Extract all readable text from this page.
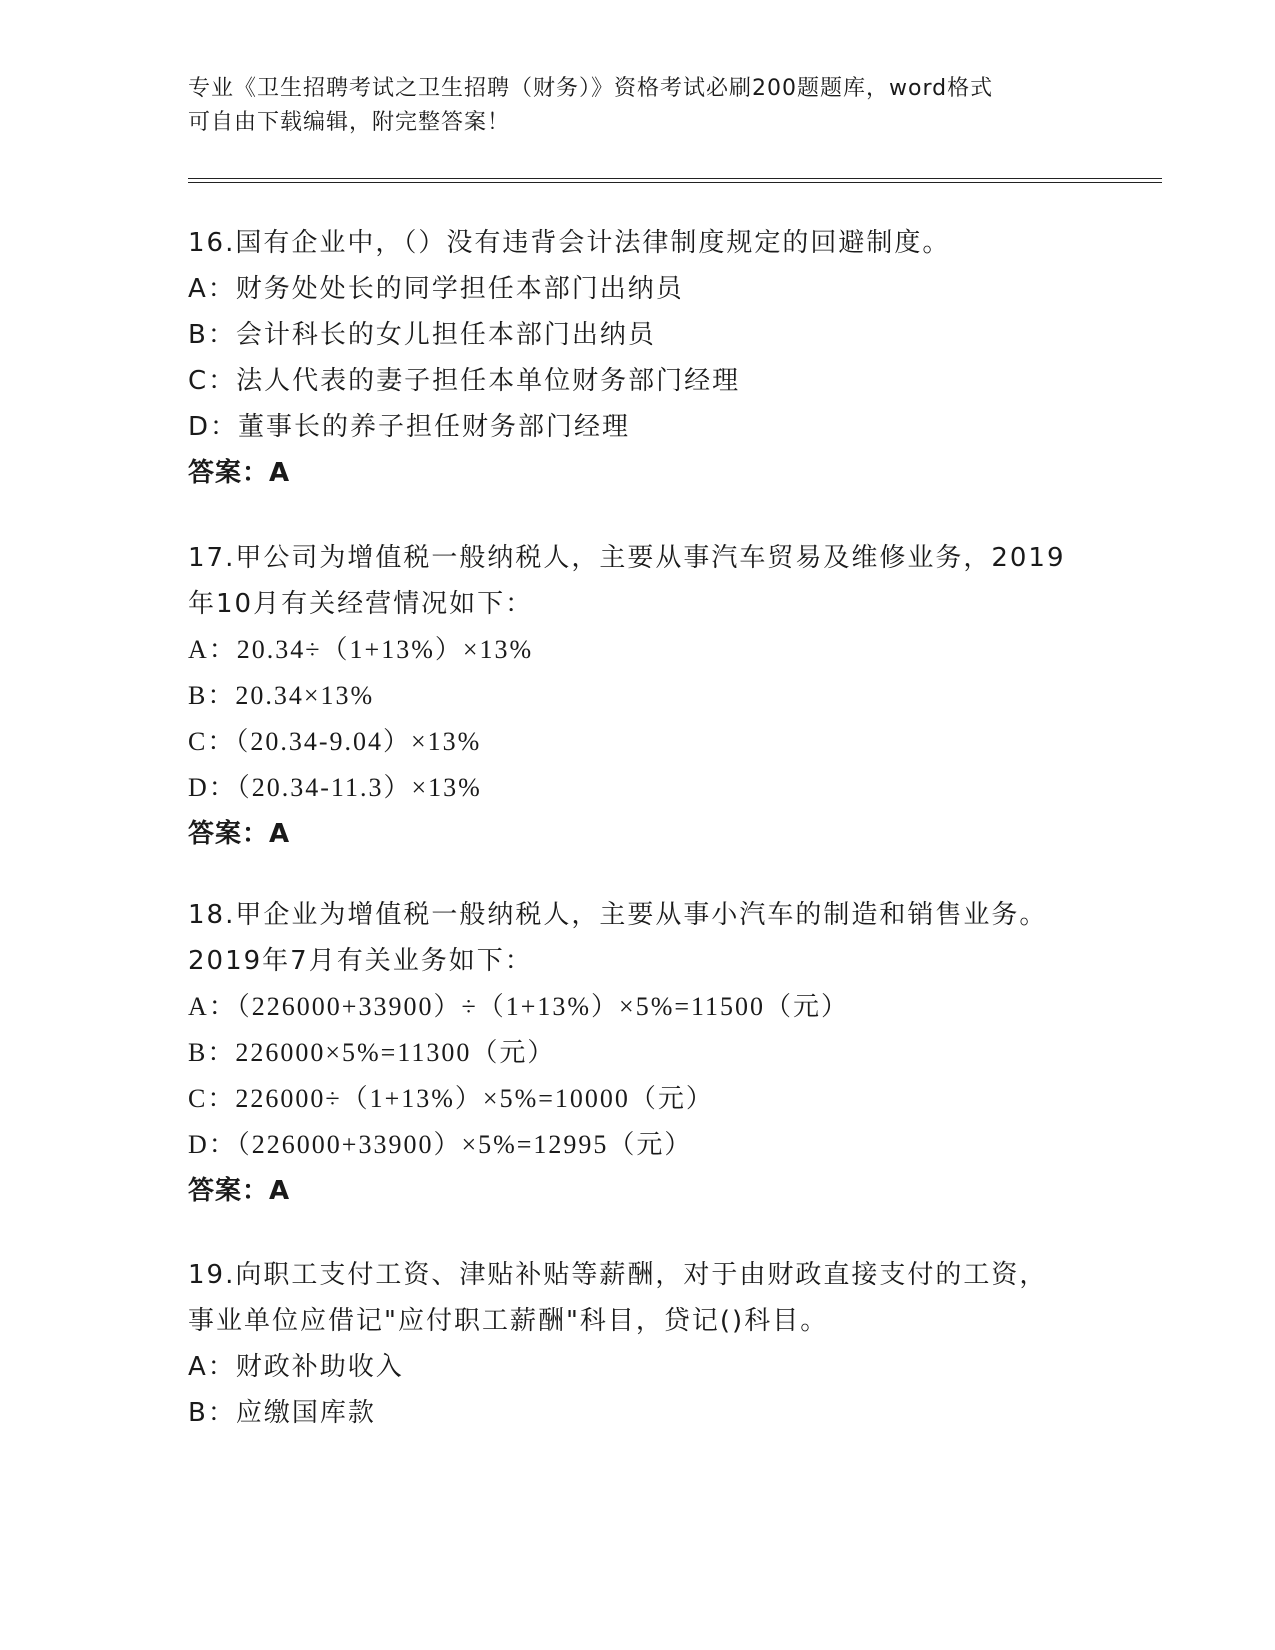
专业《卫生招聘考试之卫生招聘（财务）》资格考试必刷200题题库，word格式
可自由下载编辑，附完整答案！
16.国有企业中，（）没有违背会计法律制度规定的回避制度。
A：财务处处长的同学担任本部门出纳员
B：会计科长的女儿担任本部门出纳员
C：法人代表的妻子担任本单位财务部门经理
D：董事长的养子担任财务部门经理
答案：A
17.甲公司为增值税一般纳税人，主要从事汽车贸易及维修业务，2019
年10月有关经营情况如下：
A：20.34÷（1+13%）×13%
B：20.34×13%
C：（20.34-9.04）×13%
D：（20.34-11.3）×13%
答案：A
18.甲企业为增值税一般纳税人，主要从事小汽车的制造和销售业务。
2019年7月有关业务如下：
A：（226000+33900）÷（1+13%）×5%=11500（元）
B：226000×5%=11300（元）
C：226000÷（1+13%）×5%=10000（元）
D：（226000+33900）×5%=12995（元）
答案：A
19.向职工支付工资、津贴补贴等薪酬，对于由财政直接支付的工资，
事业单位应借记"应付职工薪酬"科目，贷记()科目。
A：财政补助收入
B：应缴国库款
